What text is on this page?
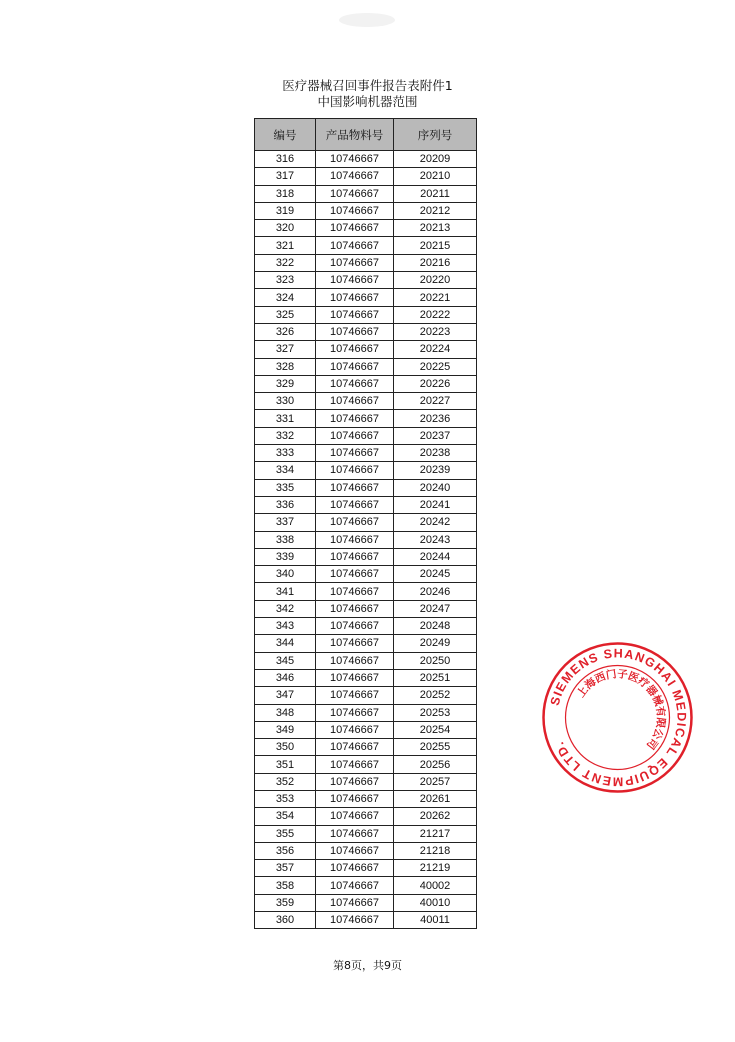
医疗器械召回事件报告表附件1
中国影响机器范围
编号	产品物料号	序列号
316	10746667	20209
317	10746667	20210
318	10746667	20211
319	10746667	20212
320	10746667	20213
321	10746667	20215
322	10746667	20216
323	10746667	20220
324	10746667	20221
325	10746667	20222
326	10746667	20223
327	10746667	20224
328	10746667	20225
329	10746667	20226
330	10746667	20227
331	10746667	20236
332	10746667	20237
333	10746667	20238
334	10746667	20239
335	10746667	20240
336	10746667	20241
337	10746667	20242
338	10746667	20243
339	10746667	20244
340	10746667	20245
341	10746667	20246
342	10746667	20247
343	10746667	20248
344	10746667	20249
345	10746667	20250
346	10746667	20251
347	10746667	20252
348	10746667	20253
349	10746667	20254
350	10746667	20255
351	10746667	20256
352	10746667	20257
353	10746667	20261
354	10746667	20262
355	10746667	21217
356	10746667	21218
357	10746667	21219
358	10746667	40002
359	10746667	40010
360	10746667	40011
第8页，共9页
SIEMENS SHANGHAI MEDICAL EQUIPMENT LTD.
上海西门子医疗器械有限公司
